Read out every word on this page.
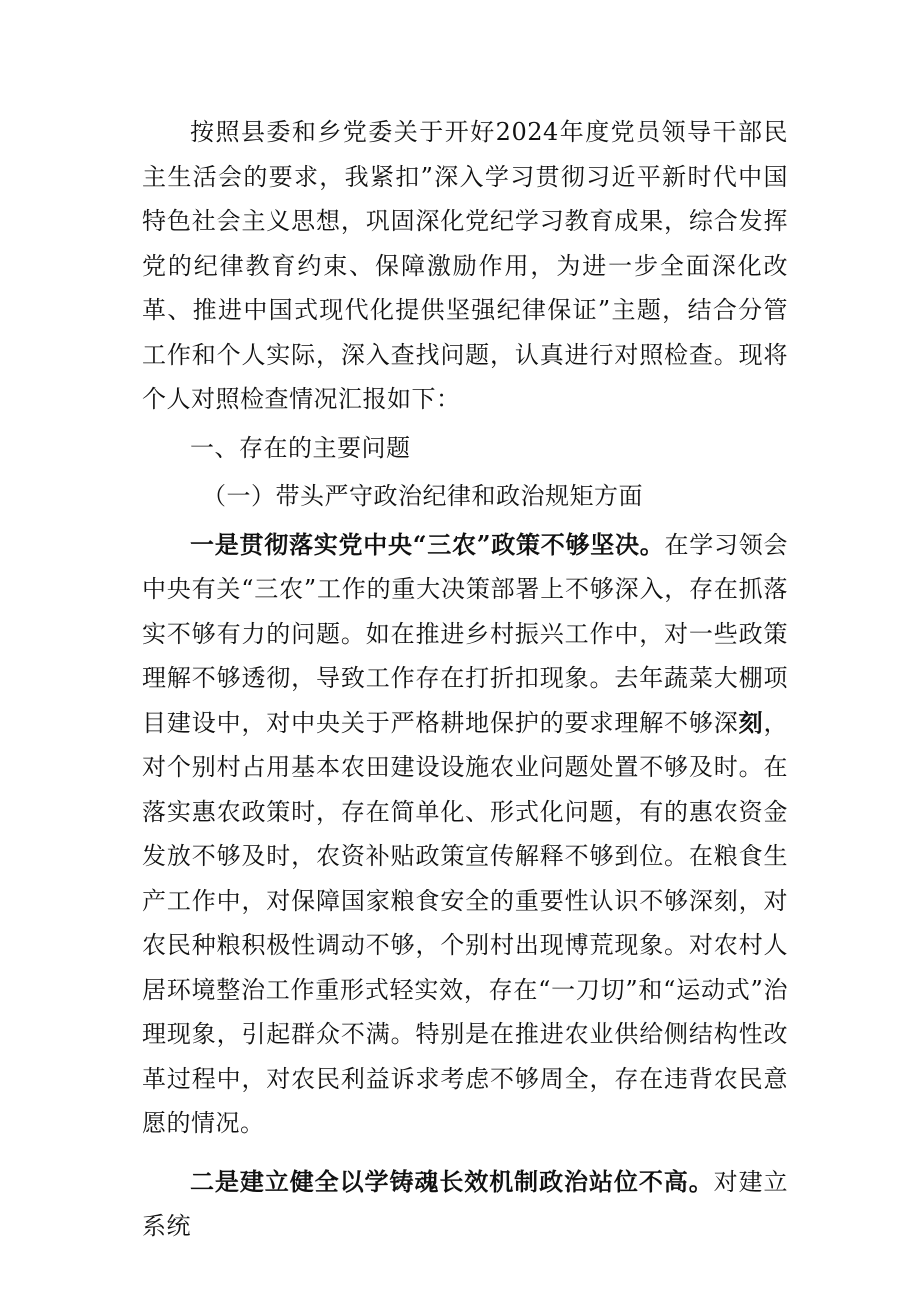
按照县委和乡党委关于开好2024年度党员领导干部民主生活会的要求，我紧扣”深入学习贯彻习近平新时代中国特色社会主义思想，巩固深化党纪学习教育成果，综合发挥党的纪律教育约束、保障激励作用，为进一步全面深化改革、推进中国式现代化提供坚强纪律保证”主题，结合分管工作和个人实际，深入查找问题，认真进行对照检查。现将个人对照检查情况汇报如下：

一、存在的主要问题

（一）带头严守政治纪律和政治规矩方面

一是贯彻落实党中央“三农”政策不够坚决。在学习领会中央有关“三农”工作的重大决策部署上不够深入，存在抓落实不够有力的问题。如在推进乡村振兴工作中，对一些政策理解不够透彻，导致工作存在打折扣现象。去年蔬菜大棚项目建设中，对中央关于严格耕地保护的要求理解不够深刻，对个别村占用基本农田建设设施农业问题处置不够及时。在落实惠农政策时，存在简单化、形式化问题，有的惠农资金发放不够及时，农资补贴政策宣传解释不够到位。在粮食生产工作中，对保障国家粮食安全的重要性认识不够深刻，对农民种粮积极性调动不够，个别村出现博荒现象。对农村人居环境整治工作重形式轻实效，存在“一刀切”和“运动式”治理现象，引起群众不满。特别是在推进农业供给侧结构性改革过程中，对农民利益诉求考虑不够周全，存在违背农民意愿的情况。

二是建立健全以学铸魂长效机制政治站位不高。对建立系统
